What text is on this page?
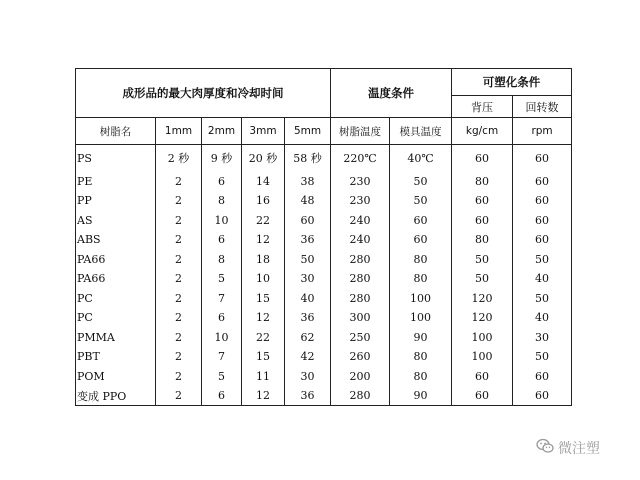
成形品的最大肉厚度和冷却时间					温度条件		可塑化条件	
							背压	回转数
树脂名	1mm	2mm	3mm	5mm	树脂温度	模具温度	kg/cm	rpm
PS	2 秒	9 秒	20 秒	58 秒	220℃	40℃	60	60
PE	2	6	14	38	230	50	80	60
PP	2	8	16	48	230	50	60	60
AS	2	10	22	60	240	60	60	60
ABS	2	6	12	36	240	60	80	60
PA66	2	8	18	50	280	80	50	50
PA66	2	5	10	30	280	80	50	40
PC	2	7	15	40	280	100	120	50
PC	2	6	12	36	300	100	120	40
PMMA	2	10	22	62	250	90	100	30
PBT	2	7	15	42	260	80	100	50
POM	2	5	11	30	200	80	60	60
变成 PPO	2	6	12	36	280	90	60	60
微注塑
